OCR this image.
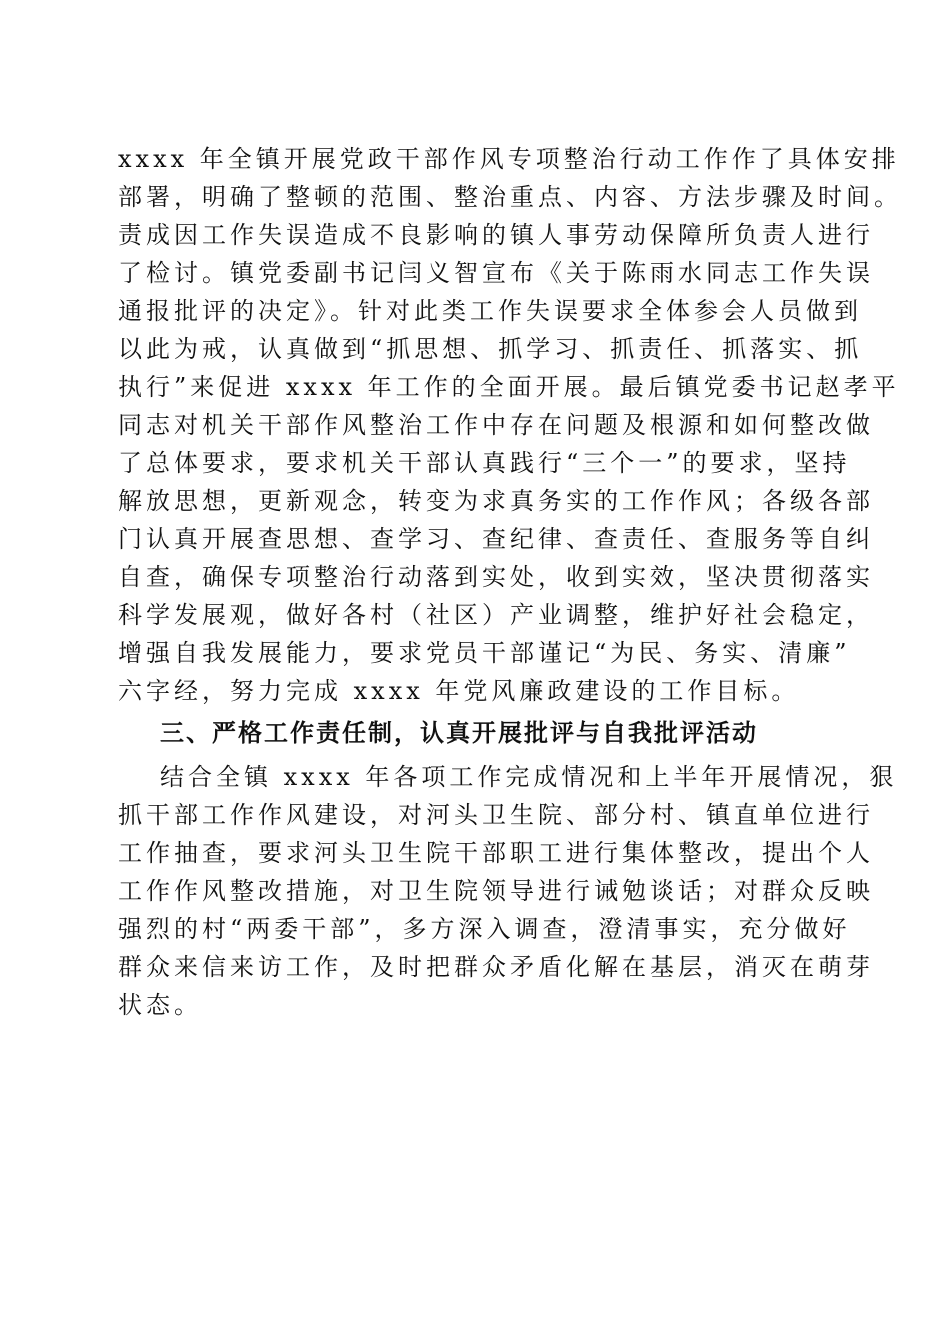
xxxx 年全镇开展党政干部作风专项整治行动工作作了具体安排
部署，明确了整顿的范围、整治重点、内容、方法步骤及时间。
责成因工作失误造成不良影响的镇人事劳动保障所负责人进行
了检讨。镇党委副书记闫义智宣布《关于陈雨水同志工作失误
通报批评的决定》。针对此类工作失误要求全体参会人员做到
以此为戒，认真做到“抓思想、抓学习、抓责任、抓落实、抓
执行”来促进 xxxx 年工作的全面开展。最后镇党委书记赵孝平
同志对机关干部作风整治工作中存在问题及根源和如何整改做
了总体要求，要求机关干部认真践行“三个一”的要求，坚持
解放思想，更新观念，转变为求真务实的工作作风；各级各部
门认真开展查思想、查学习、查纪律、查责任、查服务等自纠
自查，确保专项整治行动落到实处，收到实效，坚决贯彻落实
科学发展观，做好各村（社区）产业调整，维护好社会稳定，
增强自我发展能力，要求党员干部谨记“为民、务实、清廉”
六字经，努力完成 xxxx 年党风廉政建设的工作目标。
三、严格工作责任制，认真开展批评与自我批评活动
结合全镇 xxxx 年各项工作完成情况和上半年开展情况，狠
抓干部工作作风建设，对河头卫生院、部分村、镇直单位进行
工作抽查，要求河头卫生院干部职工进行集体整改，提出个人
工作作风整改措施，对卫生院领导进行诫勉谈话；对群众反映
强烈的村“两委干部”，多方深入调查，澄清事实，充分做好
群众来信来访工作，及时把群众矛盾化解在基层，消灭在萌芽
状态。
